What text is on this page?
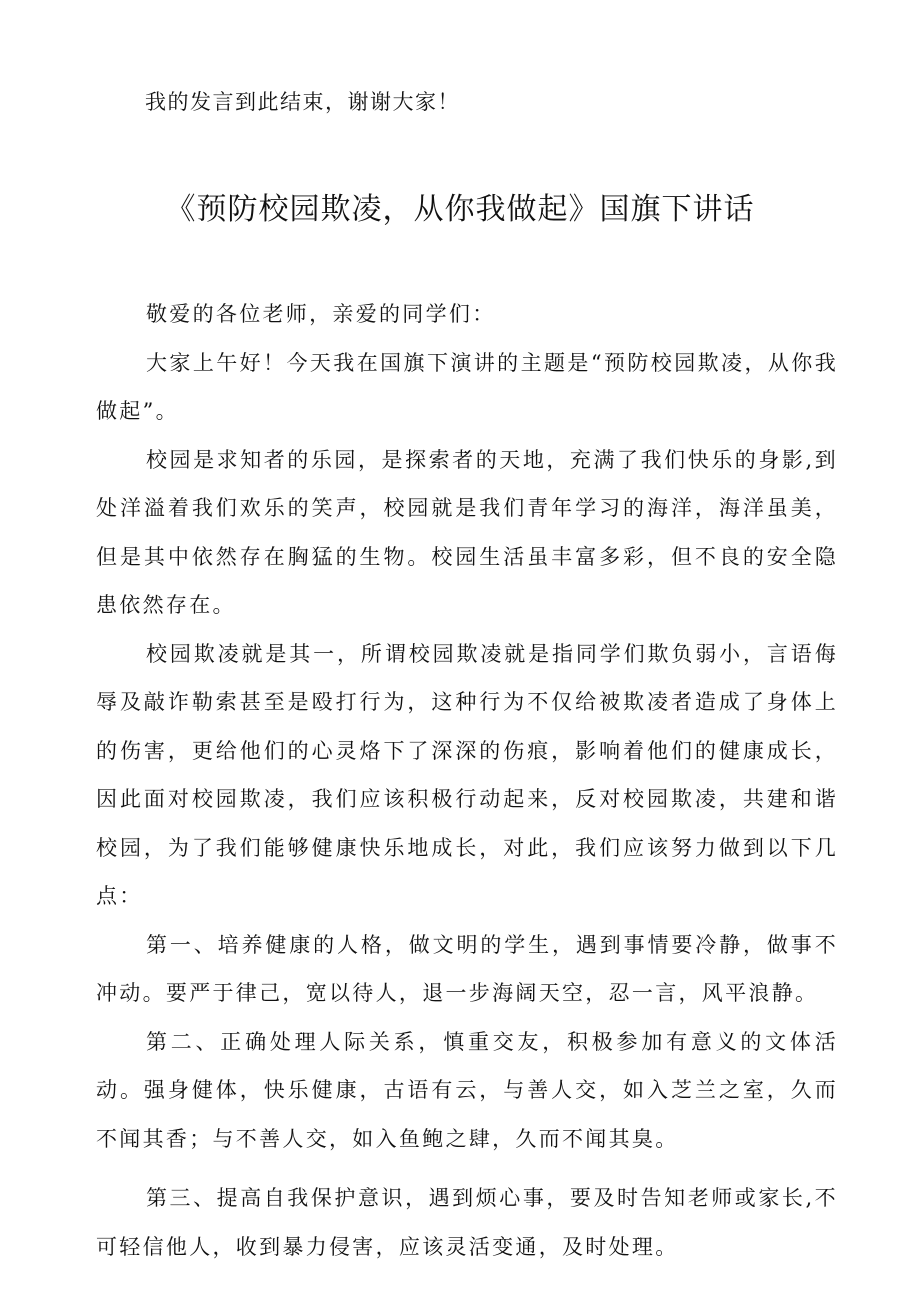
我的发言到此结束，谢谢大家！
《预防校园欺凌，从你我做起》国旗下讲话

敬爱的各位老师，亲爱的同学们：

大家上午好！今天我在国旗下演讲的主题是“预防校园欺凌，从你我做起”。

校园是求知者的乐园，是探索者的天地，充满了我们快乐的身影,到处洋溢着我们欢乐的笑声，校园就是我们青年学习的海洋，海洋虽美，但是其中依然存在胸猛的生物。校园生活虽丰富多彩，但不良的安全隐患依然存在。

校园欺凌就是其一，所谓校园欺凌就是指同学们欺负弱小，言语侮辱及敲诈勒索甚至是殴打行为，这种行为不仅给被欺凌者造成了身体上的伤害，更给他们的心灵烙下了深深的伤痕，影响着他们的健康成长，因此面对校园欺凌，我们应该积极行动起来，反对校园欺凌，共建和谐校园，为了我们能够健康快乐地成长，对此，我们应该努力做到以下几点：

第一、培养健康的人格，做文明的学生，遇到事情要冷静，做事不冲动。要严于律己，宽以待人，退一步海阔天空，忍一言，风平浪静。

第二、正确处理人际关系，慎重交友，积极参加有意义的文体活动。强身健体，快乐健康，古语有云，与善人交，如入芝兰之室，久而不闻其香；与不善人交，如入鱼鲍之肆，久而不闻其臭。

第三、提高自我保护意识，遇到烦心事，要及时告知老师或家长,不可轻信他人，收到暴力侵害，应该灵活变通，及时处理。
